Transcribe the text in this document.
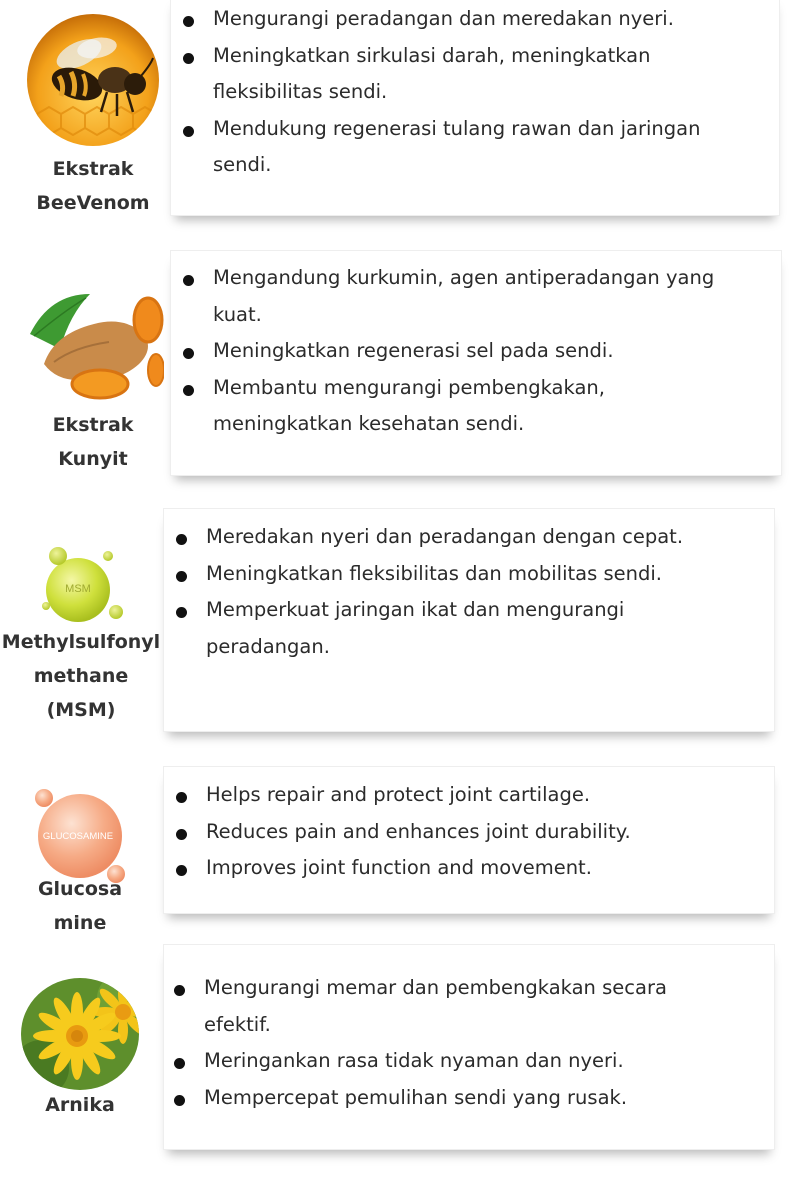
Ekstrak
BeeVenom
Mengurangi peradangan dan meredakan nyeri.
Meningkatkan sirkulasi darah, meningkatkan fleksibilitas sendi.
Mendukung regenerasi tulang rawan dan jaringan sendi.
Ekstrak
Kunyit
Mengandung kurkumin, agen antiperadangan yang kuat.
Meningkatkan regenerasi sel pada sendi.
Membantu mengurangi pembengkakan, meningkatkan kesehatan sendi.
MSM
Methylsulfonyl
methane
(MSM)
Meredakan nyeri dan peradangan dengan cepat.
Meningkatkan fleksibilitas dan mobilitas sendi.
Memperkuat jaringan ikat dan mengurangi peradangan.
GLUCOSAMINE
Glucosa
mine
Helps repair and protect joint cartilage.
Reduces pain and enhances joint durability.
Improves joint function and movement.
Arnika
Mengurangi memar dan pembengkakan secara efektif.
Meringankan rasa tidak nyaman dan nyeri.
Mempercepat pemulihan sendi yang rusak.
